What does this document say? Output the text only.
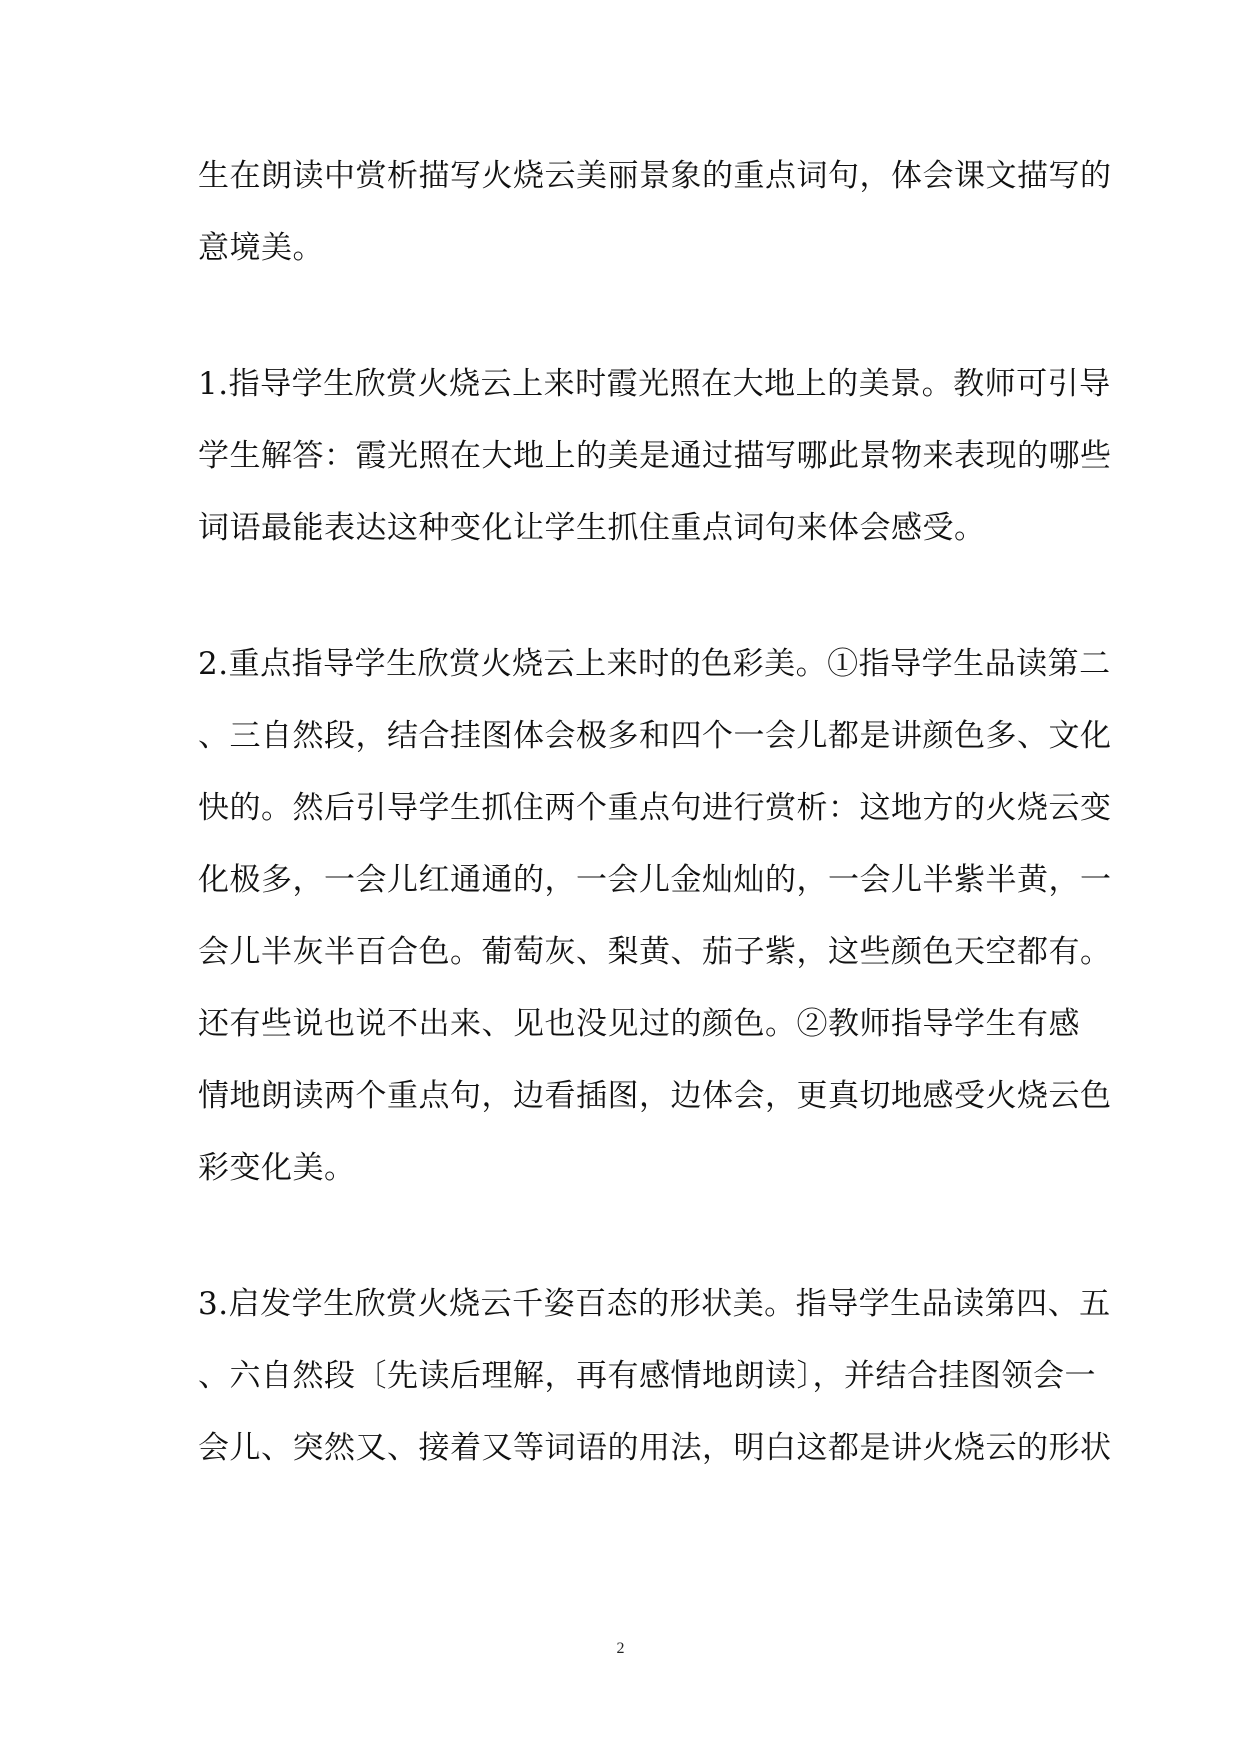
生在朗读中赏析描写火烧云美丽景象的重点词句，体会课文描写的
意境美。
1.指导学生欣赏火烧云上来时霞光照在大地上的美景。教师可引导
学生解答：霞光照在大地上的美是通过描写哪此景物来表现的哪些
词语最能表达这种变化让学生抓住重点词句来体会感受。
2.重点指导学生欣赏火烧云上来时的色彩美。①指导学生品读第二
、三自然段，结合挂图体会极多和四个一会儿都是讲颜色多、文化
快的。然后引导学生抓住两个重点句进行赏析：这地方的火烧云变
化极多，一会儿红通通的，一会儿金灿灿的，一会儿半紫半黄，一
会儿半灰半百合色。葡萄灰、梨黄、茄子紫，这些颜色天空都有。
还有些说也说不出来、见也没见过的颜色。②教师指导学生有感
情地朗读两个重点句，边看插图，边体会，更真切地感受火烧云色
彩变化美。
3.启发学生欣赏火烧云千姿百态的形状美。指导学生品读第四、五
、六自然段〔先读后理解，再有感情地朗读〕，并结合挂图领会一
会儿、突然又、接着又等词语的用法，明白这都是讲火烧云的形状
2
